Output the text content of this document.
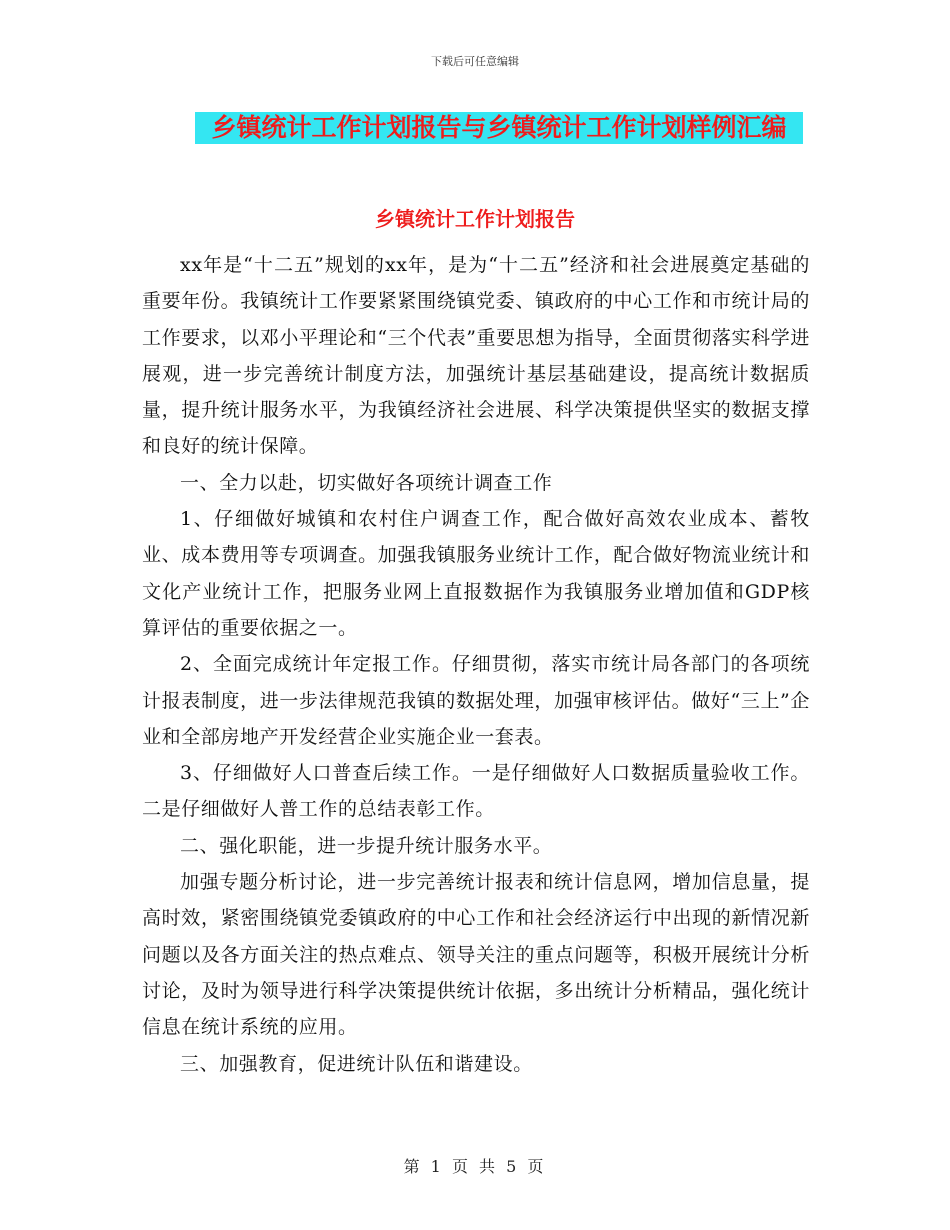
下载后可任意编辑
乡镇统计工作计划报告与乡镇统计工作计划样例汇编
乡镇统计工作计划报告

xx年是“十二五”规划的xx年，是为“十二五”经济和社会进展奠定基础的重要年份。我镇统计工作要紧紧围绕镇党委、镇政府的中心工作和市统计局的工作要求，以邓小平理论和“三个代表”重要思想为指导，全面贯彻落实科学进展观，进一步完善统计制度方法，加强统计基层基础建设，提高统计数据质量，提升统计服务水平，为我镇经济社会进展、科学决策提供坚实的数据支撑和良好的统计保障。

一、全力以赴，切实做好各项统计调查工作

1、仔细做好城镇和农村住户调查工作，配合做好高效农业成本、蓄牧业、成本费用等专项调查。加强我镇服务业统计工作，配合做好物流业统计和文化产业统计工作，把服务业网上直报数据作为我镇服务业增加值和GDP核算评估的重要依据之一。

2、全面完成统计年定报工作。仔细贯彻，落实市统计局各部门的各项统计报表制度，进一步法律规范我镇的数据处理，加强审核评估。做好“三上”企业和全部房地产开发经营企业实施企业一套表。

3、仔细做好人口普查后续工作。一是仔细做好人口数据质量验收工作。二是仔细做好人普工作的总结表彰工作。

二、强化职能，进一步提升统计服务水平。

加强专题分析讨论，进一步完善统计报表和统计信息网，增加信息量，提高时效，紧密围绕镇党委镇政府的中心工作和社会经济运行中出现的新情况新问题以及各方面关注的热点难点、领导关注的重点问题等，积极开展统计分析讨论，及时为领导进行科学决策提供统计依据，多出统计分析精品，强化统计信息在统计系统的应用。

三、加强教育，促进统计队伍和谐建设。

第 1 页 共 5 页
